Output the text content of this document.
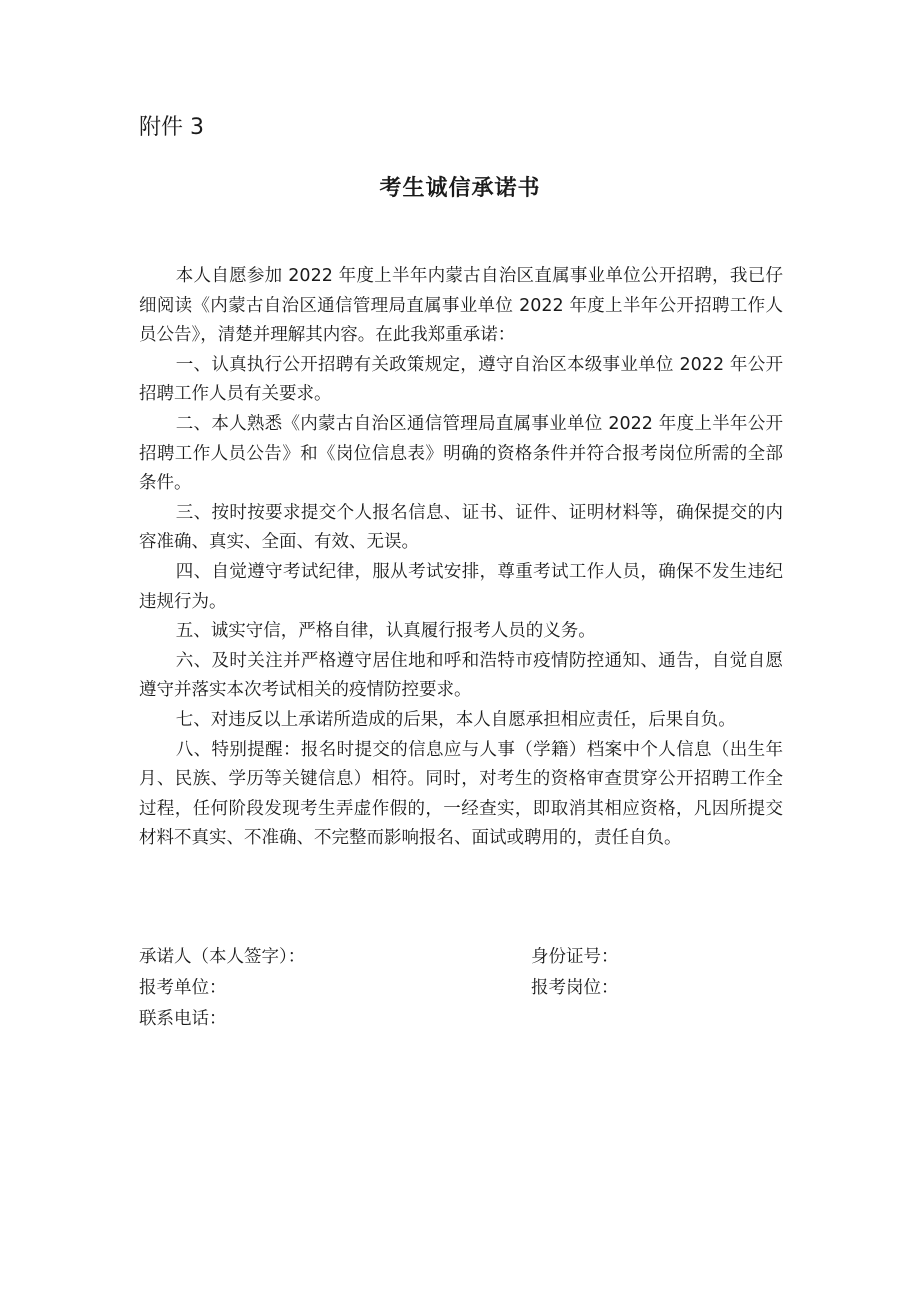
附件 3
考生诚信承诺书

本人自愿参加 2022 年度上半年内蒙古自治区直属事业单位公开招聘，我已仔细阅读《内蒙古自治区通信管理局直属事业单位 2022 年度上半年公开招聘工作人员公告》，清楚并理解其内容。在此我郑重承诺：

一、认真执行公开招聘有关政策规定，遵守自治区本级事业单位 2022 年公开招聘工作人员有关要求。

二、本人熟悉《内蒙古自治区通信管理局直属事业单位 2022 年度上半年公开招聘工作人员公告》和《岗位信息表》明确的资格条件并符合报考岗位所需的全部条件。

三、按时按要求提交个人报名信息、证书、证件、证明材料等，确保提交的内容准确、真实、全面、有效、无误。

四、自觉遵守考试纪律，服从考试安排，尊重考试工作人员，确保不发生违纪违规行为。

五、诚实守信，严格自律，认真履行报考人员的义务。

六、及时关注并严格遵守居住地和呼和浩特市疫情防控通知、通告，自觉自愿遵守并落实本次考试相关的疫情防控要求。

七、对违反以上承诺所造成的后果，本人自愿承担相应责任，后果自负。

八、特别提醒：报名时提交的信息应与人事（学籍）档案中个人信息（出生年月、民族、学历等关键信息）相符。同时，对考生的资格审查贯穿公开招聘工作全过程，任何阶段发现考生弄虚作假的，一经查实，即取消其相应资格，凡因所提交材料不真实、不准确、不完整而影响报名、面试或聘用的，责任自负。

承诺人（本人签字）：	身份证号：
报考单位：	报考岗位：
联系电话：
